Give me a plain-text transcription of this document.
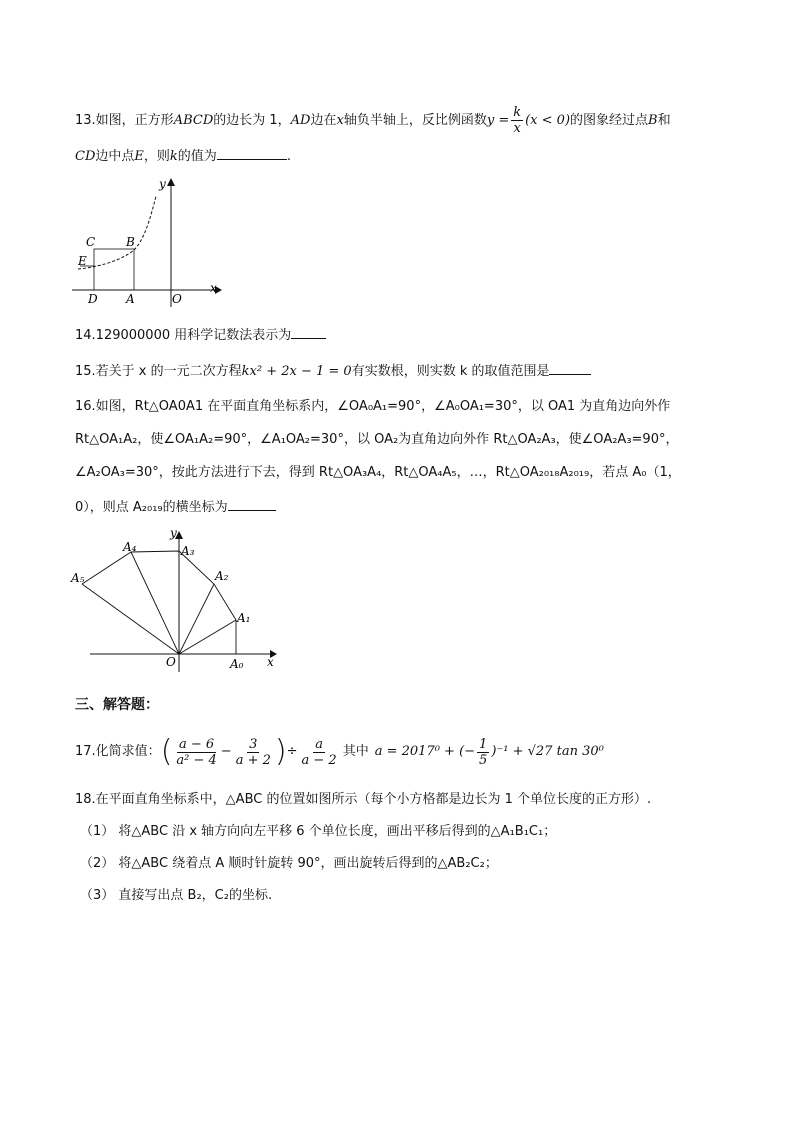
13.如图，正方形ABCD的边长为 1，AD边在x轴负半轴上，反比例函数$y = \frac{k}{x} (x < 0)$的图象经过点B和
CD边中点E，则k的值为	.
y
x
C	B
E
D A	O
14.129000000 用科学记数法表示为
15.若关于 x 的一元二次方程kx² + 2x − 1 = 0有实数根，则实数 k 的取值范围是
16.如图，Rt△OA0A1 在平面直角坐标系内，∠OA₀A₁=90°，∠A₀OA₁=30°，以 OA1 为直角边向外作
Rt△OA₁A₂，使∠OA₁A₂=90°，∠A₁OA₂=30°，以 OA₂为直角边向外作 Rt△OA₂A₃，使∠OA₂A₃=90°，
∠A₂OA₃=30°，按此方法进行下去，得到 Rt△OA₃A₄，Rt△OA₄A₅，…，Rt△OA₂₀₁₈A₂₀₁₉，若点 A₀（1，
0），则点 A₂₀₁₉的横坐标为
y
x
O	A₀
A₁
A₂
A₃
A₄
A₅
三、解答题：
17.化简求值： ( $\frac{a - 6}{\text{a² − 4}} - \frac{3}{a + 2}$ ) ÷ $\frac{a}{a - 2}$ 其中 a = 2017⁰ + (− $\frac{1}{5} )^{-1} + √27$ tan 30⁰
18.在平面直角坐标系中，△ABC 的位置如图所示（每个小方格都是边长为 1 个单位长度的正方形）.
（1） 将△ABC 沿 x 轴方向向左平移 6 个单位长度，画出平移后得到的△A₁B₁C₁；
（2） 将△ABC 绕着点 A 顺时针旋转 90°，画出旋转后得到的△AB₂C₂；
（3） 直接写出点 B₂，C₂的坐标.
